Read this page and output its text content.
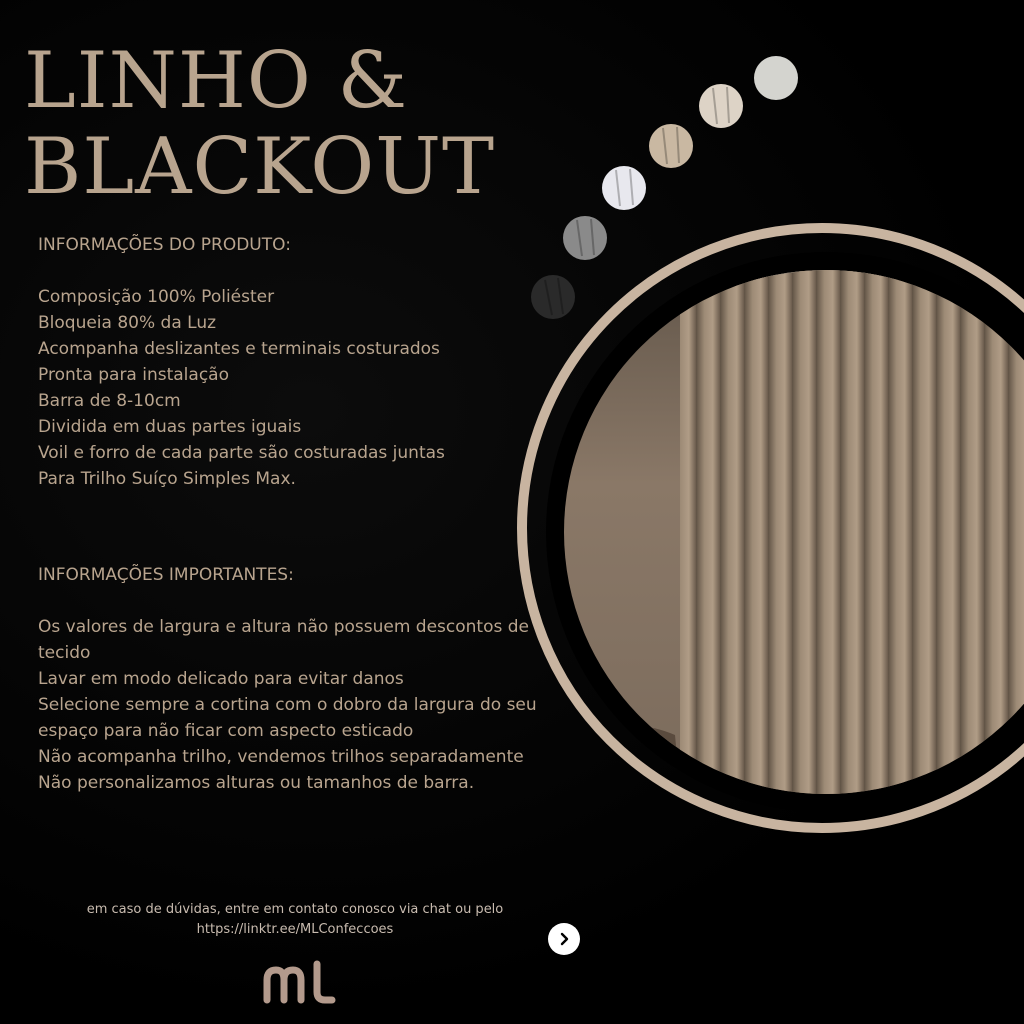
LINHO &
BLACKOUT
INFORMAÇÕES DO PRODUTO:
Composição 100% Poliéster
Bloqueia 80% da Luz
Acompanha deslizantes e terminais costurados
Pronta para instalação
Barra de 8-10cm
Dividida em duas partes iguais
Voil e forro de cada parte são costuradas juntas
Para Trilho Suíço Simples Max.
INFORMAÇÕES IMPORTANTES:
Os valores de largura e altura não possuem descontos de tecido
Lavar em modo delicado para evitar danos
Selecione sempre a cortina com o dobro da largura do seu espaço para não ficar com aspecto esticado
Não acompanha trilho, vendemos trilhos separadamente
Não personalizamos alturas ou tamanhos de barra.
em caso de dúvidas, entre em contato conosco via chat ou pelo
https://linktr.ee/MLConfeccoes
